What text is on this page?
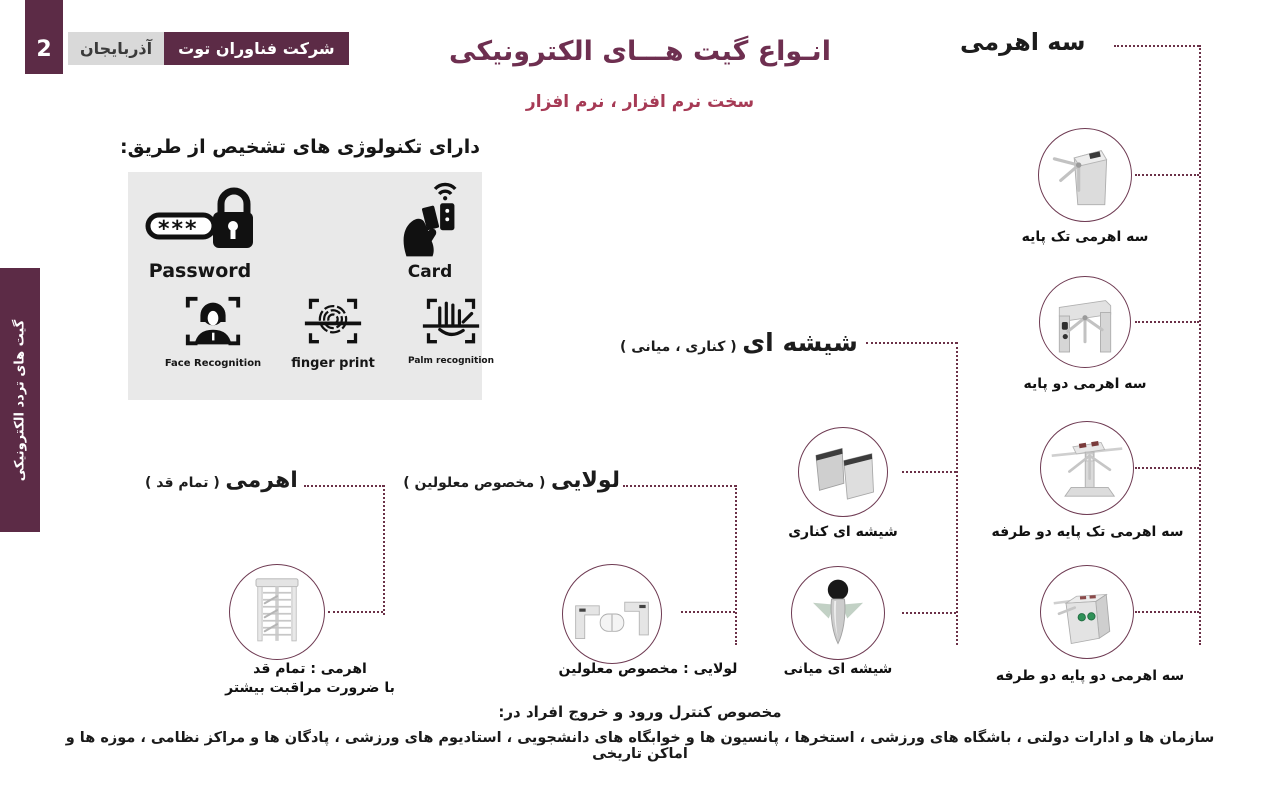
2	آذربایجان	شرکت فناوران توت
گیت های تردد الکترونیکی
انـواع گیت هـــای الکترونیکی
سخت نرم افزار ، نرم افزار
دارای تکنولوژی های تشخیص از طریق:
***
Password	Card
Face Recognition finger print	Palm recognition
سه اهرمی
سه اهرمی تک پایه
سه اهرمی دو پایه
سه اهرمی تک پایه دو طرفه
سه اهرمی دو پایه دو طرفه
شیشه ای ( کناری ، میانی )
شیشه ای کناری
شیشه ای میانی
لولایی ( مخصوص معلولین )
لولایی : مخصوص معلولین
اهرمی ( تمام قد )
اهرمی : تمام قد
با ضرورت مراقبت بیشتر
مخصوص کنترل ورود و خروج افراد در:
سازمان ها و ادارات دولتی ، باشگاه های ورزشی ، استخرها ، پانسیون ها و خوابگاه های دانشجویی ، استادیوم های ورزشی ، پادگان ها و مراکز نظامی ، موزه ها و اماکن تاریخی
